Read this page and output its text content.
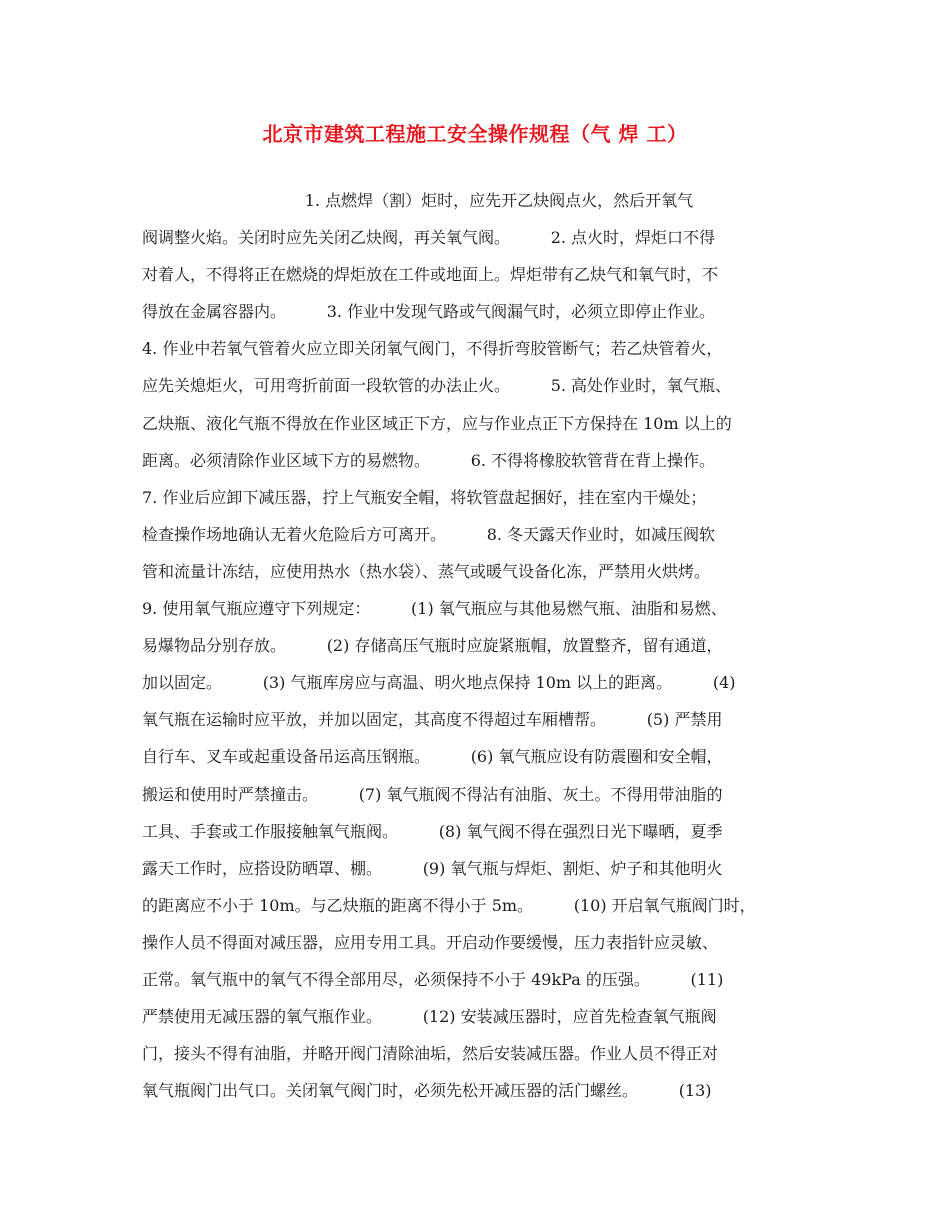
北京市建筑工程施工安全操作规程（气 焊 工）
1. 点燃焊（割）炬时，应先开乙炔阀点火，然后开氧气
阀调整火焰。关闭时应先关闭乙炔阀，再关氧气阀。        2. 点火时，焊炬口不得
对着人，不得将正在燃烧的焊炬放在工件或地面上。焊炬带有乙炔气和氧气时，不
得放在金属容器内。        3. 作业中发现气路或气阀漏气时，必须立即停止作业。
4. 作业中若氧气管着火应立即关闭氧气阀门，不得折弯胶管断气；若乙炔管着火，
应先关熄炬火，可用弯折前面一段软管的办法止火。        5. 高处作业时，氧气瓶、
乙炔瓶、液化气瓶不得放在作业区域正下方，应与作业点正下方保持在 10m 以上的
距离。必须清除作业区域下方的易燃物。        6. 不得将橡胶软管背在背上操作。
7. 作业后应卸下减压器，拧上气瓶安全帽，将软管盘起捆好，挂在室内干燥处；
检查操作场地确认无着火危险后方可离开。        8. 冬天露天作业时，如减压阀软
管和流量计冻结，应使用热水（热水袋）、蒸气或暖气设备化冻，严禁用火烘烤。
9. 使用氧气瓶应遵守下列规定：        (1) 氧气瓶应与其他易燃气瓶、油脂和易燃、
易爆物品分别存放。        (2) 存储高压气瓶时应旋紧瓶帽，放置整齐，留有通道，
加以固定。        (3) 气瓶库房应与高温、明火地点保持 10m 以上的距离。        (4)
氧气瓶在运输时应平放，并加以固定，其高度不得超过车厢槽帮。        (5) 严禁用
自行车、叉车或起重设备吊运高压钢瓶。        (6) 氧气瓶应设有防震圈和安全帽，
搬运和使用时严禁撞击。        (7) 氧气瓶阀不得沾有油脂、灰土。不得用带油脂的
工具、手套或工作服接触氧气瓶阀。        (8) 氧气阀不得在强烈日光下曝晒，夏季
露天工作时，应搭设防晒罩、棚。        (9) 氧气瓶与焊炬、割炬、炉子和其他明火
的距离应不小于 10m。与乙炔瓶的距离不得小于 5m。        (10) 开启氧气瓶阀门时，
操作人员不得面对减压器，应用专用工具。开启动作要缓慢，压力表指针应灵敏、
正常。氧气瓶中的氧气不得全部用尽，必须保持不小于 49kPa 的压强。        (11)
严禁使用无减压器的氧气瓶作业。        (12) 安装减压器时，应首先检查氧气瓶阀
门，接头不得有油脂，并略开阀门清除油垢，然后安装减压器。作业人员不得正对
氧气瓶阀门出气口。关闭氧气阀门时，必须先松开减压器的活门螺丝。        (13)
